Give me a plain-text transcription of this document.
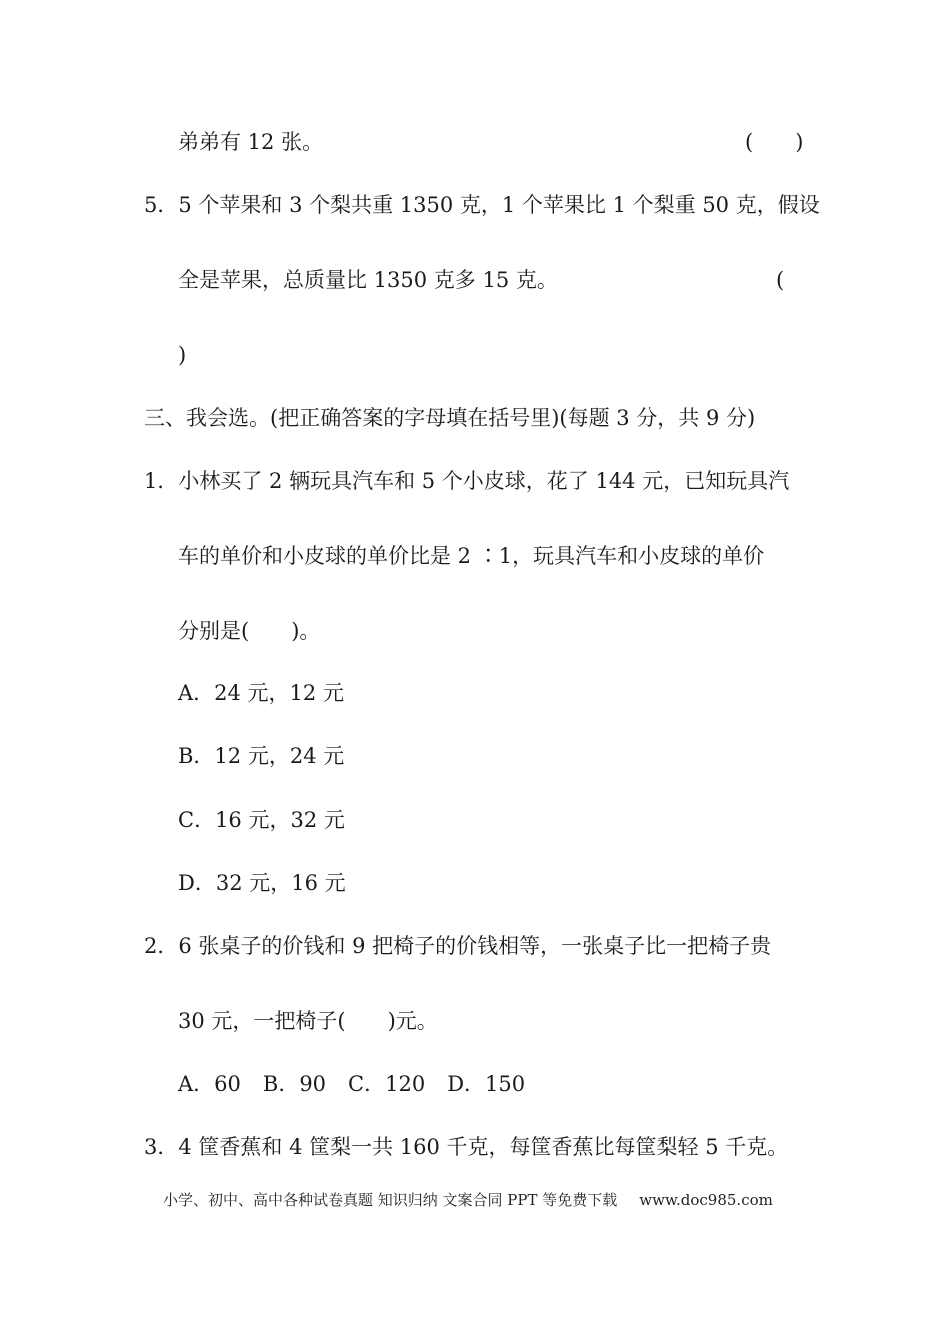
弟弟有 12 张。	(　　)
5．5 个苹果和 3 个梨共重 1350 克，1 个苹果比 1 个梨重 50 克，假设
全是苹果，总质量比 1350 克多 15 克。	(
)
三、我会选。(把正确答案的字母填在括号里)(每题 3 分，共 9 分)
1．小林买了 2 辆玩具汽车和 5 个小皮球，花了 144 元，已知玩具汽
车的单价和小皮球的单价比是 2 ∶1，玩具汽车和小皮球的单价
分别是(　　)。
A．24 元，12 元
B．12 元，24 元
C．16 元，32 元
D．32 元，16 元
2．6 张桌子的价钱和 9 把椅子的价钱相等，一张桌子比一把椅子贵
30 元，一把椅子(　　)元。
A．60 B．90 C．120 D．150
3．4 筐香蕉和 4 筐梨一共 160 千克，每筐香蕉比每筐梨轻 5 千克。
小学、初中、高中各种试卷真题 知识归纳 文案合同 PPT 等免费下载 www.doc985.com
